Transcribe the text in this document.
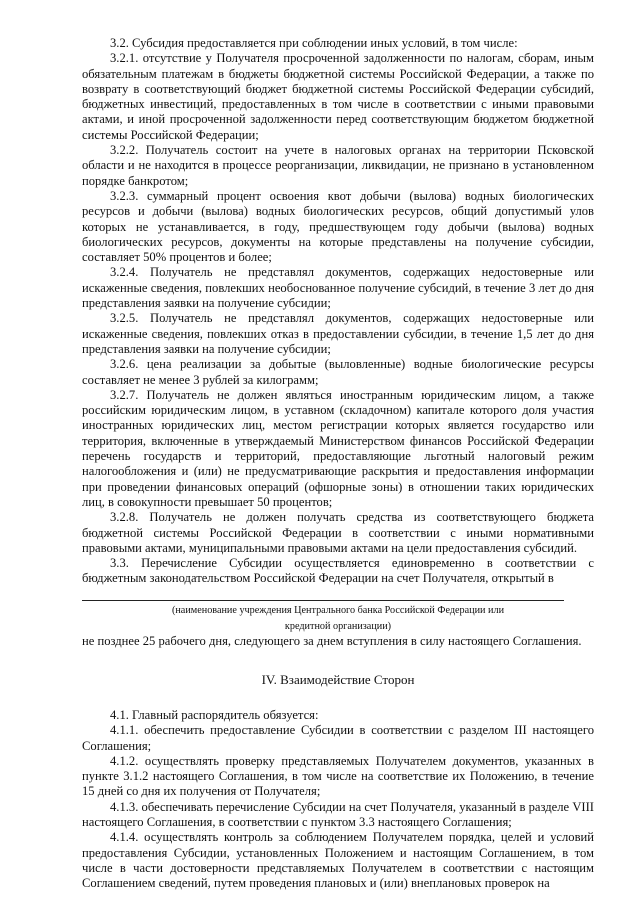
3.2. Субсидия предоставляется при соблюдении иных условий, в том числе:

3.2.1. отсутствие у Получателя просроченной задолженности по налогам, сборам, иным обязательным платежам в бюджеты бюджетной системы Российской Федерации, а также по возврату в соответствующий бюджет бюджетной системы Российской Федерации субсидий, бюджетных инвестиций, предоставленных в том числе в соответствии с иными правовыми актами, и иной просроченной задолженности перед соответствующим бюджетом бюджетной системы Российской Федерации;

3.2.2. Получатель состоит на учете в налоговых органах на территории Псковской области и не находится в процессе реорганизации, ликвидации, не признано в установленном порядке банкротом;

3.2.3. суммарный процент освоения квот добычи (вылова) водных биологических ресурсов и добычи (вылова) водных биологических ресурсов, общий допустимый улов которых не устанавливается, в году, предшествующем году добычи (вылова) водных биологических ресурсов, документы на которые представлены на получение субсидии, составляет 50% процентов и более;

3.2.4. Получатель не представлял документов, содержащих недостоверные или искаженные сведения, повлекших необоснованное получение субсидий, в течение 3 лет до дня представления заявки на получение субсидии;

3.2.5. Получатель не представлял документов, содержащих недостоверные или искаженные сведения, повлекших отказ в предоставлении субсидии, в течение 1,5 лет до дня представления заявки на получение субсидии;

3.2.6. цена реализации за добытые (выловленные) водные биологические ресурсы составляет не менее 3 рублей за килограмм;

3.2.7. Получатель не должен являться иностранным юридическим лицом, а также российским юридическим лицом, в уставном (складочном) капитале которого доля участия иностранных юридических лиц, местом регистрации которых является государство или территория, включенные в утверждаемый Министерством финансов Российской Федерации перечень государств и территорий, предоставляющие льготный налоговый режим налогообложения и (или) не предусматривающие раскрытия и предоставления информации при проведении финансовых операций (офшорные зоны) в отношении таких юридических лиц, в совокупности превышает 50 процентов;

3.2.8. Получатель не должен получать средства из соответствующего бюджета бюджетной системы Российской Федерации в соответствии с иными нормативными правовыми актами, муниципальными правовыми актами на цели предоставления субсидий.

3.3. Перечисление Субсидии осуществляется единовременно в соответствии с бюджетным законодательством Российской Федерации на счет Получателя, открытый в

(наименование учреждения Центрального банка Российской Федерации или

кредитной организации)

не позднее 25 рабочего дня, следующего за днем вступления в силу настоящего Соглашения.

IV. Взаимодействие Сторон

4.1. Главный распорядитель обязуется:

4.1.1. обеспечить предоставление Субсидии в соответствии с разделом III настоящего Соглашения;

4.1.2. осуществлять проверку представляемых Получателем документов, указанных в пункте 3.1.2 настоящего Соглашения, в том числе на соответствие их Положению, в течение 15 дней со дня их получения от Получателя;

4.1.3. обеспечивать перечисление Субсидии на счет Получателя, указанный в разделе VIII настоящего Соглашения, в соответствии с пунктом 3.3 настоящего Соглашения;

4.1.4. осуществлять контроль за соблюдением Получателем порядка, целей и условий предоставления Субсидии, установленных Положением и настоящим Соглашением, в том числе в части достоверности представляемых Получателем в соответствии с настоящим Соглашением сведений, путем проведения плановых и (или) внеплановых проверок на
